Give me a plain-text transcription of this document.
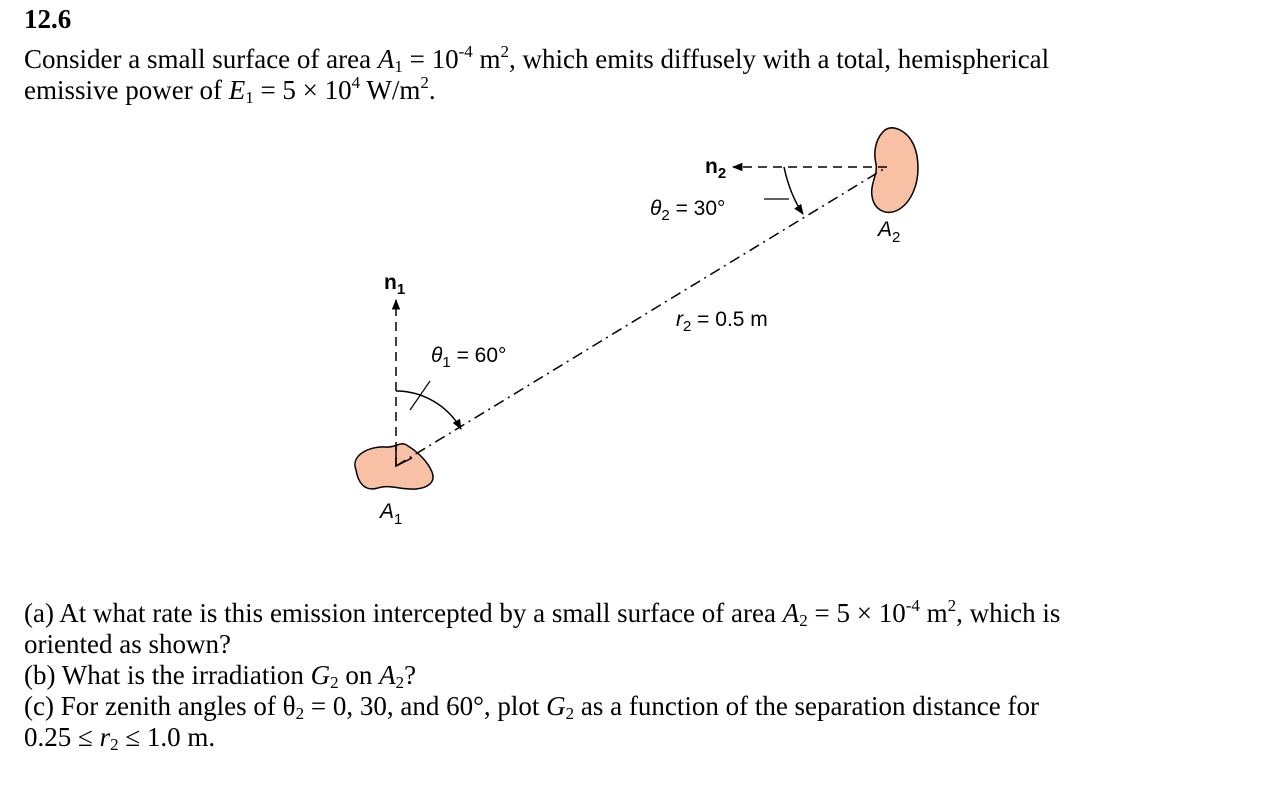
12.6
Consider a small surface of area $A_1 = 10^{-4}$ $m^2$, which emits diffusely with a total, hemispherical
emissive power of $E_1 = 5 \times 10^4$ $W/m^2$.
$n_1$
$n_2$
$\theta_1 = 60^\circ$
$\theta_2 = 30^\circ$
$r_2 = 0.5$ m
$A_1$
$A_2$
(a) At what rate is this emission intercepted by a small surface of area $A_2 = 5 \times 10^{-4}$ $m^2$, which is
oriented as shown?
(b) What is the irradiation $G_2$ on $A_2$?
(c) For zenith angles of $\theta_2 = 0$, 30, and 60°, plot $G_2$ as a function of the separation distance for
$0.25 \le r_2 \le 1.0$ m.
